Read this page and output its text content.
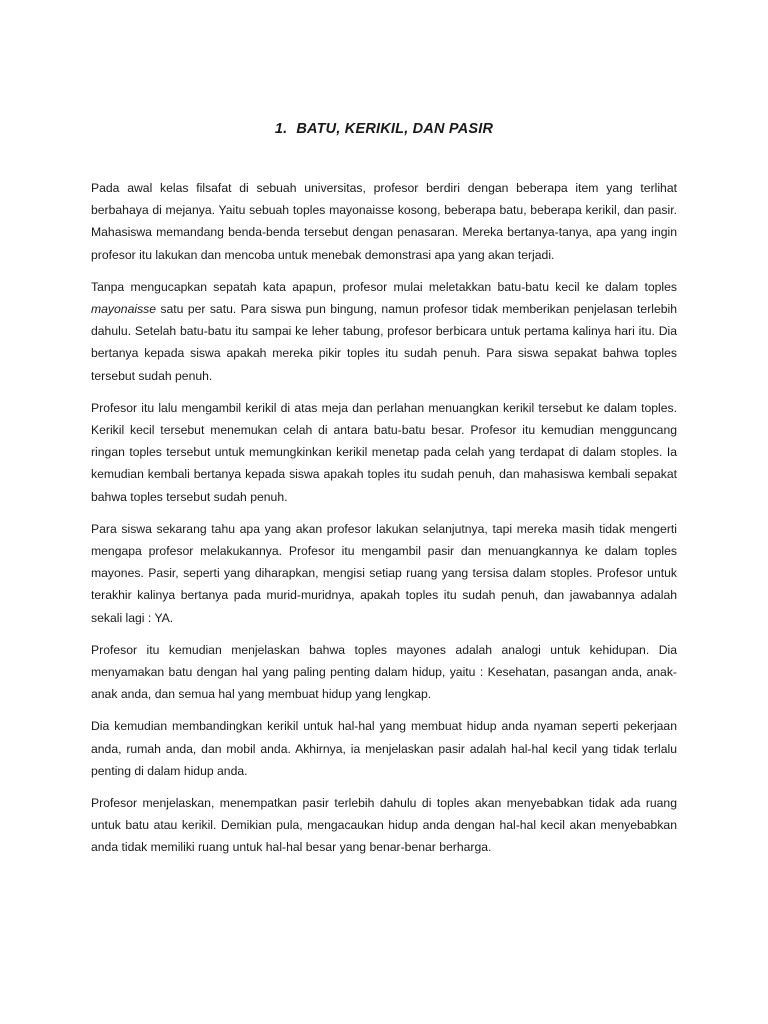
1. BATU, KERIKIL, DAN PASIR

Pada awal kelas filsafat di sebuah universitas, profesor berdiri dengan beberapa item yang terlihat berbahaya di mejanya. Yaitu sebuah toples mayonaisse kosong, beberapa batu, beberapa kerikil, dan pasir. Mahasiswa memandang benda-benda tersebut dengan penasaran. Mereka bertanya-tanya, apa yang ingin profesor itu lakukan dan mencoba untuk menebak demonstrasi apa yang akan terjadi.

Tanpa mengucapkan sepatah kata apapun, profesor mulai meletakkan batu-batu kecil ke dalam toples mayonaisse satu per satu. Para siswa pun bingung, namun profesor tidak memberikan penjelasan terlebih dahulu. Setelah batu-batu itu sampai ke leher tabung, profesor berbicara untuk pertama kalinya hari itu. Dia bertanya kepada siswa apakah mereka pikir toples itu sudah penuh. Para siswa sepakat bahwa toples tersebut sudah penuh.

Profesor itu lalu mengambil kerikil di atas meja dan perlahan menuangkan kerikil tersebut ke dalam toples. Kerikil kecil tersebut menemukan celah di antara batu-batu besar. Profesor itu kemudian mengguncang ringan toples tersebut untuk memungkinkan kerikil menetap pada celah yang terdapat di dalam stoples. Ia kemudian kembali bertanya kepada siswa apakah toples itu sudah penuh, dan mahasiswa kembali sepakat bahwa toples tersebut sudah penuh.

Para siswa sekarang tahu apa yang akan profesor lakukan selanjutnya, tapi mereka masih tidak mengerti mengapa profesor melakukannya. Profesor itu mengambil pasir dan menuangkannya ke dalam toples mayones. Pasir, seperti yang diharapkan, mengisi setiap ruang yang tersisa dalam stoples. Profesor untuk terakhir kalinya bertanya pada murid-muridnya, apakah toples itu sudah penuh, dan jawabannya adalah sekali lagi : YA.

Profesor itu kemudian menjelaskan bahwa toples mayones adalah analogi untuk kehidupan. Dia menyamakan batu dengan hal yang paling penting dalam hidup, yaitu : Kesehatan, pasangan anda, anak-anak anda, dan semua hal yang membuat hidup yang lengkap.

Dia kemudian membandingkan kerikil untuk hal-hal yang membuat hidup anda nyaman seperti pekerjaan anda, rumah anda, dan mobil anda. Akhirnya, ia menjelaskan pasir adalah hal-hal kecil yang tidak terlalu penting di dalam hidup anda.

Profesor menjelaskan, menempatkan pasir terlebih dahulu di toples akan menyebabkan tidak ada ruang untuk batu atau kerikil. Demikian pula, mengacaukan hidup anda dengan hal-hal kecil akan menyebabkan anda tidak memiliki ruang untuk hal-hal besar yang benar-benar berharga.
